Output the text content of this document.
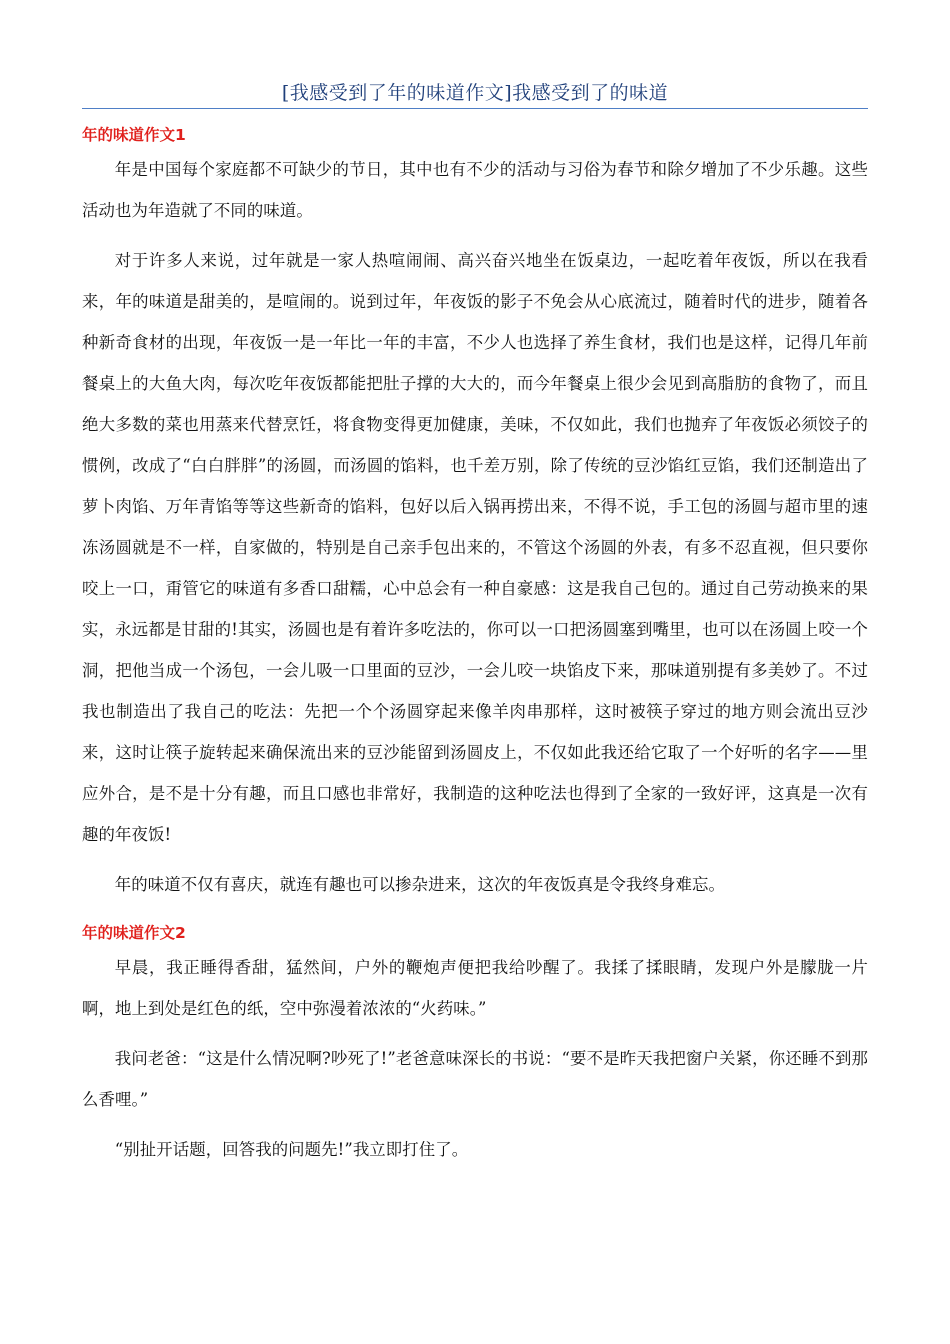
[我感受到了年的味道作文]我感受到了的味道
年的味道作文1

年是中国每个家庭都不可缺少的节日，其中也有不少的活动与习俗为春节和除夕增加了不少乐趣。这些活动也为年造就了不同的味道。

对于许多人来说，过年就是一家人热喧闹闹、高兴奋兴地坐在饭桌边，一起吃着年夜饭，所以在我看来，年的味道是甜美的，是喧闹的。说到过年，年夜饭的影子不免会从心底流过，随着时代的进步，随着各种新奇食材的出现，年夜饭一是一年比一年的丰富，不少人也选择了养生食材，我们也是这样，记得几年前餐桌上的大鱼大肉，每次吃年夜饭都能把肚子撑的大大的，而今年餐桌上很少会见到高脂肪的食物了，而且绝大多数的菜也用蒸来代替烹饪，将食物变得更加健康，美味，不仅如此，我们也抛弃了年夜饭必须饺子的惯例，改成了“白白胖胖”的汤圆，而汤圆的馅料，也千差万别，除了传统的豆沙馅红豆馅，我们还制造出了萝卜肉馅、万年青馅等等这些新奇的馅料，包好以后入锅再捞出来，不得不说，手工包的汤圆与超市里的速冻汤圆就是不一样，自家做的，特别是自己亲手包出来的，不管这个汤圆的外表，有多不忍直视，但只要你咬上一口，甭管它的味道有多香口甜糯，心中总会有一种自豪感：这是我自己包的。通过自己劳动换来的果实，永远都是甘甜的!其实，汤圆也是有着许多吃法的，你可以一口把汤圆塞到嘴里，也可以在汤圆上咬一个洞，把他当成一个汤包，一会儿吸一口里面的豆沙，一会儿咬一块馅皮下来，那味道别提有多美妙了。不过我也制造出了我自己的吃法：先把一个个汤圆穿起来像羊肉串那样，这时被筷子穿过的地方则会流出豆沙来，这时让筷子旋转起来确保流出来的豆沙能留到汤圆皮上，不仅如此我还给它取了一个好听的名字——里应外合，是不是十分有趣，而且口感也非常好，我制造的这种吃法也得到了全家的一致好评，这真是一次有趣的年夜饭!

年的味道不仅有喜庆，就连有趣也可以掺杂进来，这次的年夜饭真是令我终身难忘。

年的味道作文2

早晨，我正睡得香甜，猛然间，户外的鞭炮声便把我给吵醒了。我揉了揉眼睛，发现户外是朦胧一片啊，地上到处是红色的纸，空中弥漫着浓浓的“火药味。”

我问老爸：“这是什么情况啊?吵死了!”老爸意味深长的书说：“要不是昨天我把窗户关紧，你还睡不到那么香哩。”

“别扯开话题，回答我的问题先!”我立即打住了。
